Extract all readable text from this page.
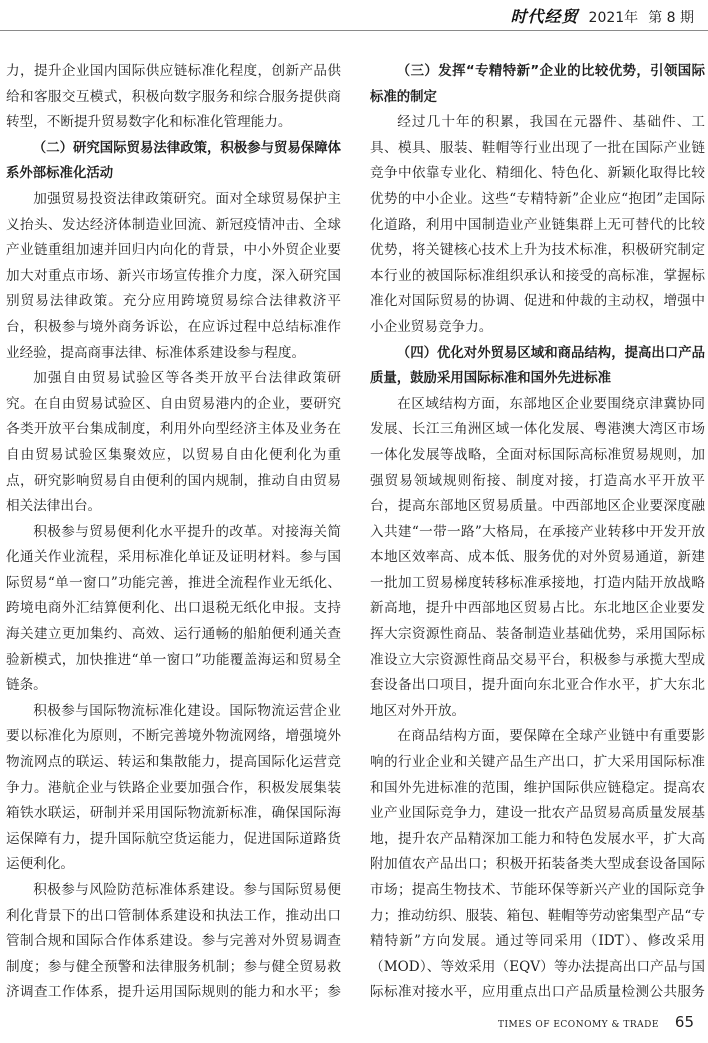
时代经贸 2021年 第 8 期

力，提升企业国内国际供应链标准化程度，创新产品供给和客服交互模式，积极向数字服务和综合服务提供商转型，不断提升贸易数字化和标准化管理能力。

（二）研究国际贸易法律政策，积极参与贸易保障体系外部标准化活动

加强贸易投资法律政策研究。面对全球贸易保护主义抬头、发达经济体制造业回流、新冠疫情冲击、全球产业链重组加速并回归内向化的背景，中小外贸企业要加大对重点市场、新兴市场宣传推介力度，深入研究国别贸易法律政策。充分应用跨境贸易综合法律救济平台，积极参与境外商务诉讼，在应诉过程中总结标准作业经验，提高商事法律、标准体系建设参与程度。

加强自由贸易试验区等各类开放平台法律政策研究。在自由贸易试验区、自由贸易港内的企业，要研究各类开放平台集成制度，利用外向型经济主体及业务在自由贸易试验区集聚效应，以贸易自由化便利化为重点，研究影响贸易自由便利的国内规制，推动自由贸易相关法律出台。

积极参与贸易便利化水平提升的改革。对接海关简化通关作业流程，采用标准化单证及证明材料。参与国际贸易“单一窗口”功能完善，推进全流程作业无纸化、跨境电商外汇结算便利化、出口退税无纸化申报。支持海关建立更加集约、高效、运行通畅的船舶便利通关查验新模式，加快推进“单一窗口”功能覆盖海运和贸易全链条。

积极参与国际物流标准化建设。国际物流运营企业要以标准化为原则，不断完善境外物流网络，增强境外物流网点的联运、转运和集散能力，提高国际化运营竞争力。港航企业与铁路企业要加强合作，积极发展集装箱铁水联运，研制并采用国际物流新标准，确保国际海运保障有力，提升国际航空货运能力，促进国际道路货运便利化。

积极参与风险防范标准体系建设。参与国际贸易便利化背景下的出口管制体系建设和执法工作，推动出口管制合规和国际合作体系建设。参与完善对外贸易调查制度；参与健全预警和法律服务机制；参与健全贸易救济调查工作体系，提升运用国际规则的能力和水平；参

（三）发挥“专精特新”企业的比较优势，引领国际标准的制定

经过几十年的积累，我国在元器件、基础件、工具、模具、服装、鞋帽等行业出现了一批在国际产业链竞争中依靠专业化、精细化、特色化、新颖化取得比较优势的中小企业。这些“专精特新”企业应“抱团”走国际化道路，利用中国制造业产业链集群上无可替代的比较优势，将关键核心技术上升为技术标准，积极研究制定本行业的被国际标准组织承认和接受的高标准，掌握标准化对国际贸易的协调、促进和仲裁的主动权，增强中小企业贸易竞争力。

（四）优化对外贸易区域和商品结构，提高出口产品质量，鼓励采用国际标准和国外先进标准

在区域结构方面，东部地区企业要围绕京津冀协同发展、长江三角洲区域一体化发展、粤港澳大湾区市场一体化发展等战略，全面对标国际高标准贸易规则，加强贸易领域规则衔接、制度对接，打造高水平开放平台，提高东部地区贸易质量。中西部地区企业要深度融入共建“一带一路”大格局，在承接产业转移中开发开放本地区效率高、成本低、服务优的对外贸易通道，新建一批加工贸易梯度转移标准承接地，打造内陆开放战略新高地，提升中西部地区贸易占比。东北地区企业要发挥大宗资源性商品、装备制造业基础优势，采用国际标准设立大宗资源性商品交易平台，积极参与承揽大型成套设备出口项目，提升面向东北亚合作水平，扩大东北地区对外开放。

在商品结构方面，要保障在全球产业链中有重要影响的行业企业和关键产品生产出口，扩大采用国际标准和国外先进标准的范围，维护国际供应链稳定。提高农业产业国际竞争力，建设一批农产品贸易高质量发展基地，提升农产品精深加工能力和特色发展水平，扩大高附加值农产品出口；积极开拓装备类大型成套设备国际市场；提高生物技术、节能环保等新兴产业的国际竞争力；推动纺织、服装、箱包、鞋帽等劳动密集型产品“专精特新”方向发展。通过等同采用（IDT）、修改采用（MOD）、等效采用（EQV）等办法提高出口产品与国际标准对接水平，应用重点出口产品质量检测公共服务

TIMES OF ECONOMY & TRADE 65
